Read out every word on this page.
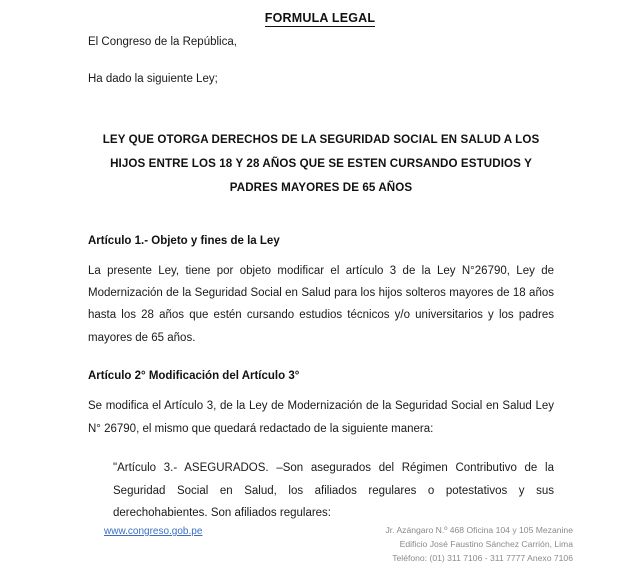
FORMULA LEGAL

El Congreso de la República,

Ha dado la siguiente Ley;

LEY QUE OTORGA DERECHOS DE LA SEGURIDAD SOCIAL EN SALUD A LOS
HIJOS ENTRE LOS 18 Y 28 AÑOS QUE SE ESTEN CURSANDO ESTUDIOS Y
PADRES MAYORES DE 65 AÑOS

Artículo 1.- Objeto y fines de la Ley

La presente Ley, tiene por objeto modificar el artículo 3 de la Ley N°26790, Ley de Modernización de la Seguridad Social en Salud para los hijos solteros mayores de 18 años hasta los 28 años que estén cursando estudios técnicos y/o universitarios y los padres mayores de 65 años.

Artículo 2° Modificación del Artículo 3°

Se modifica el Artículo 3, de la Ley de Modernización de la Seguridad Social en Salud Ley N° 26790, el mismo que quedará redactado de la siguiente manera:

"Artículo 3.- ASEGURADOS. –Son asegurados del Régimen Contributivo de la Seguridad Social en Salud, los afiliados regulares o potestativos y sus derechohabientes. Son afiliados regulares:

www.congreso.gob.pe	Jr. Azángaro N.º 468 Oficina 104 y 105 Mezanine
Edificio José Faustino Sánchez Carrión, Lima
Teléfono: (01) 311 7106 - 311 7777 Anexo 7106
